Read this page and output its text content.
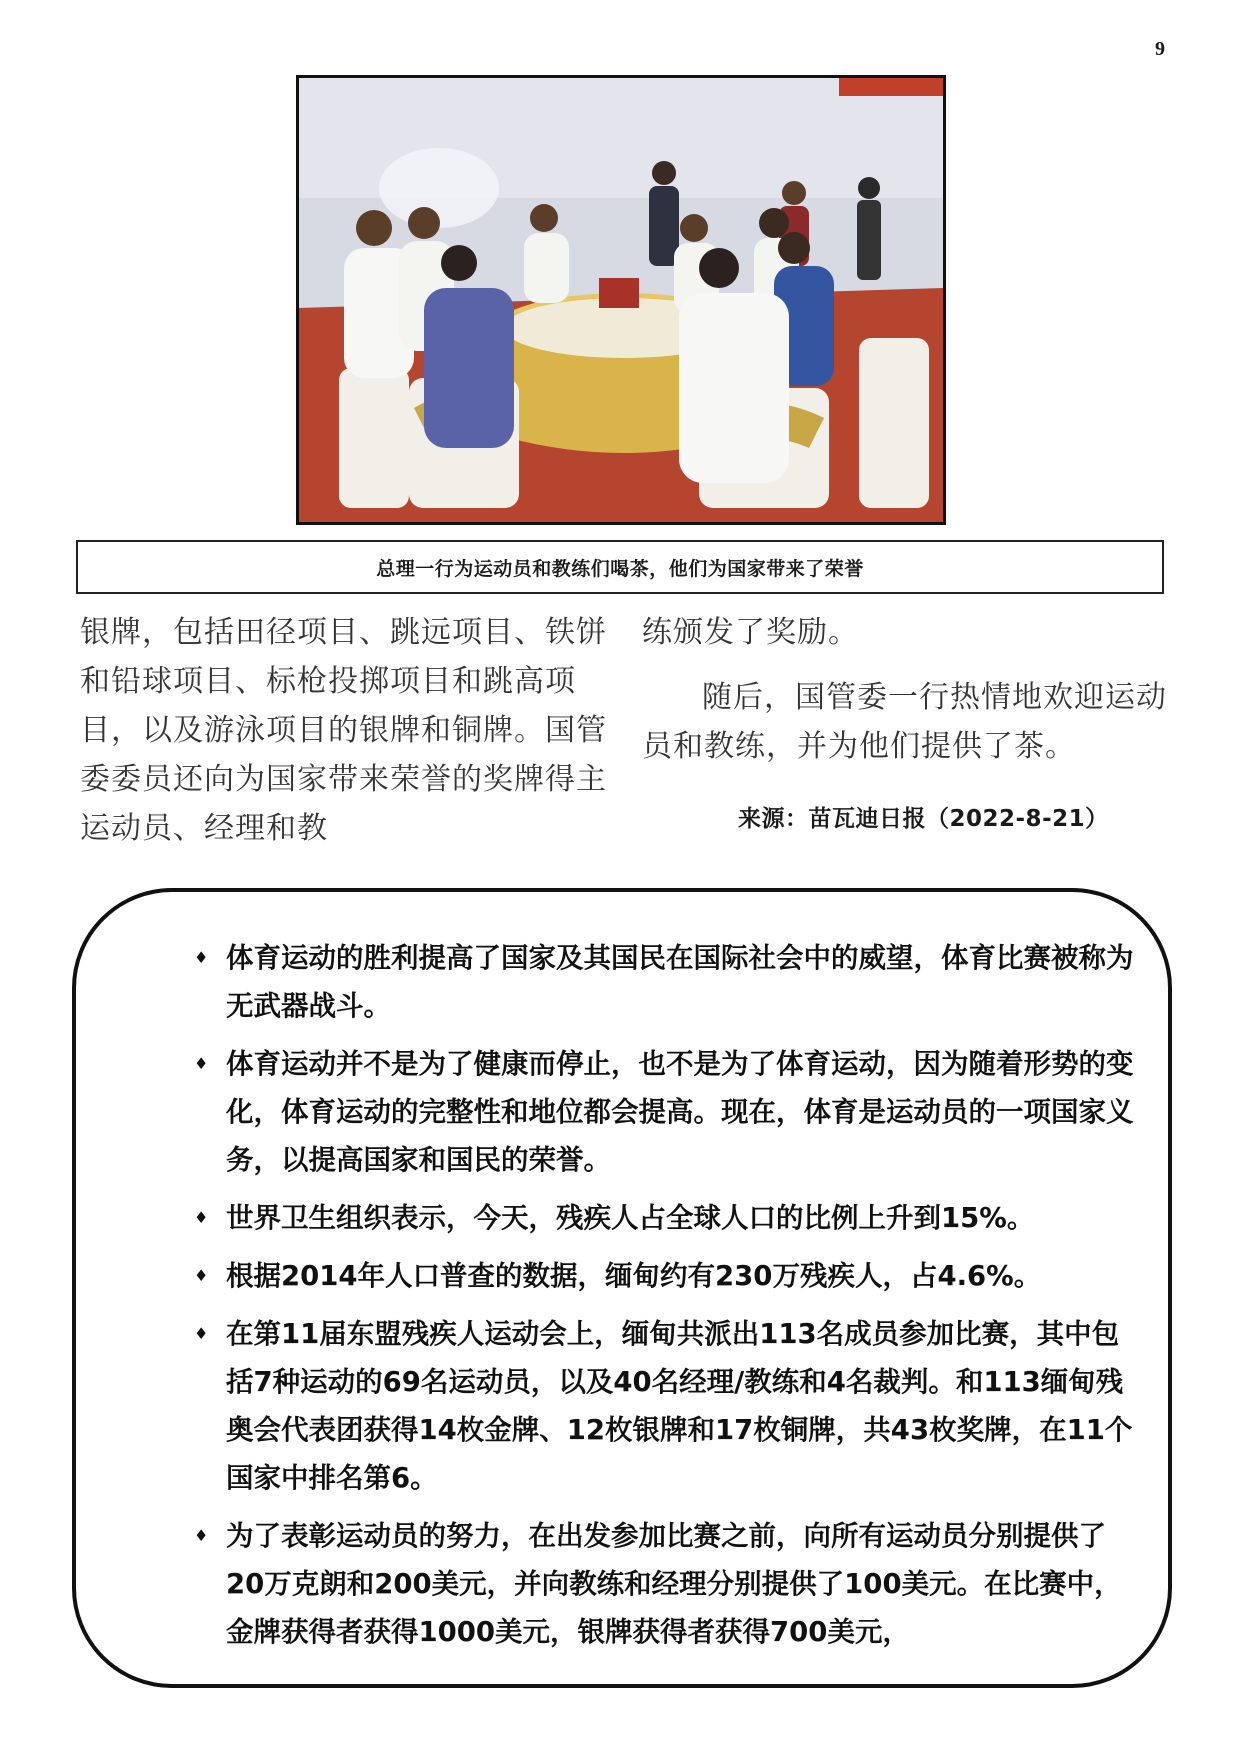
9
总理一行为运动员和教练们喝茶，他们为国家带来了荣誉
银牌，包括田径项目、跳远项目、铁饼和铅球项目、标枪投掷项目和跳高项目，以及游泳项目的银牌和铜牌。国管委委员还向为国家带来荣誉的奖牌得主运动员、经理和教

练颁发了奖励。

随后，国管委一行热情地欢迎运动员和教练，并为他们提供了茶。

来源：苗瓦迪日报（2022-8-21）
♦ 体育运动的胜利提高了国家及其国民在国际社会中的威望，体育比赛被称为无武器战斗。
♦ 体育运动并不是为了健康而停止，也不是为了体育运动，因为随着形势的变化，体育运动的完整性和地位都会提高。现在，体育是运动员的一项国家义务，以提高国家和国民的荣誉。
♦ 世界卫生组织表示，今天，残疾人占全球人口的比例上升到15%。
♦ 根据2014年人口普查的数据，缅甸约有230万残疾人，占4.6%。
♦ 在第11届东盟残疾人运动会上，缅甸共派出113名成员参加比赛，其中包括7种运动的69名运动员，以及40名经理/教练和4名裁判。和113缅甸残奥会代表团获得14枚金牌、12枚银牌和17枚铜牌，共43枚奖牌，在11个国家中排名第6。
♦ 为了表彰运动员的努力，在出发参加比赛之前，向所有运动员分别提供了20万克朗和200美元，并向教练和经理分别提供了100美元。在比赛中，金牌获得者获得1000美元，银牌获得者获得700美元，
